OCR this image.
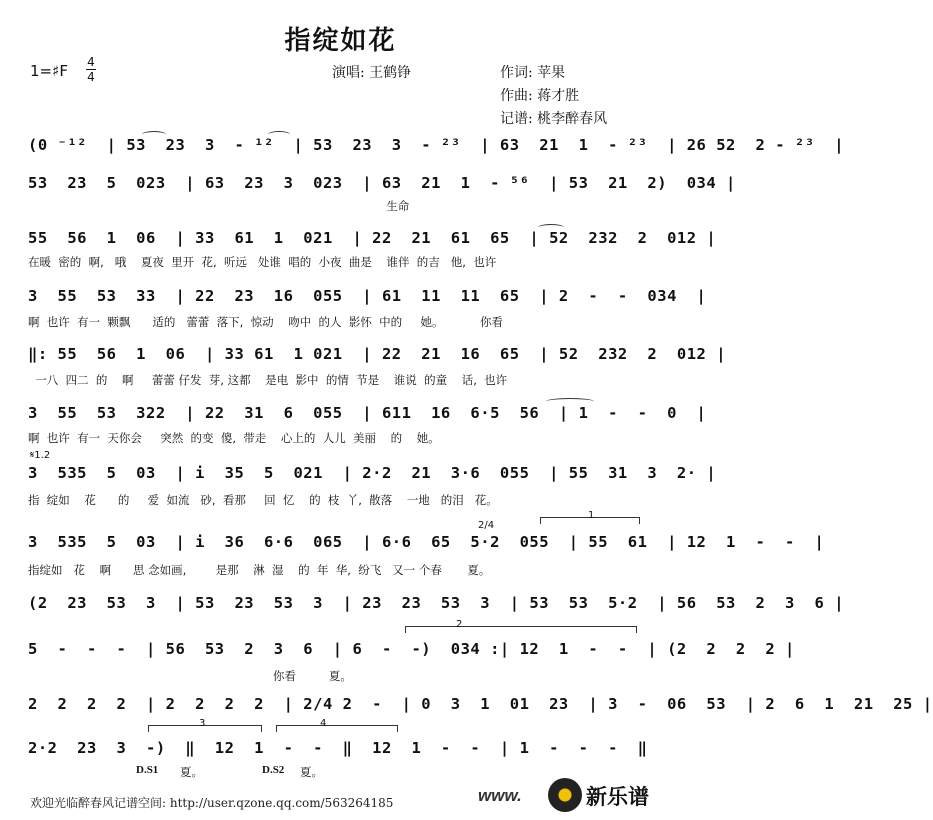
指绽如花
1=♯F 4
4	演唱: 王鹤铮	作词: 苹果
作曲: 蒋才胜
记谱: 桃李醉春风
(0 ⁻¹²  | 53  23  3  - ¹²  | 53  23  3  - ²³  | 63  21  1  - ²³  | 26 52  2 - ²³  |
53  23  5  023  | 63  23  3  023  | 63  21  1  - ⁵⁶  | 53  21  2)  034 |
生命
55  56  1  06  | 33  61  1  021  | 22  21  61  65  | 52  232  2  012 |
在暖  密的  啊,   哦    夏夜  里开  花,  听远   处谁  唱的  小夜  曲是    谁伴  的吉   他,  也许
3  55  53  33  | 22  23  16  055  | 61  11  11  65  | 2  -  -  034  |
啊  也许  有一  颗飘      适的   蕾蕾  落下,  惊动    吻中  的人  影怀  中的     她。          你看
‖: 55  56  1  06  | 33 61  1 021  | 22  21  16  65  | 52  232  2  012 |
一八  四二  的    啊     蕾蕾 仔发  芽, 这都    是电  影中  的情  节是    谁说  的童    话,  也许
3  55  53  322  | 22  31  6  055  | 611  16  6·5  56  | 1  -  -  0  |
啊  也许  有一  天你会     突然  的变  傻,  带走    心上的  人儿  美丽    的    她。
𝄋1.2
3  535  5  03  | i  35  5  021  | 2·2  21  3·6  055  | 55  31  3  2· |
指  绽如    花      的     爱  如流   砂,  看那     回  忆    的  枝  丫,  散落    一地   的泪   花。
2/4
1
3  535  5  03  | i  36  6·6  065  | 6·6  65  5·2  055  | 55  61  | 12  1  -  -  |
指绽如   花    啊      思 念如画,        是那    淋  湿    的  年  华,  纷飞   又一 个春       夏。
(2  23  53  3  | 53  23  53  3  | 23  23  53  3  | 53  53  5·2  | 56  53  2  3  6 |
2
5  -  -  -  | 56  53  2  3  6  | 6  -  -)  034 :| 12  1  -  -  | (2  2  2  2 |
你看         夏。
2  2  2  2  | 2  2  2  2  | 2/4 2  -  | 0  3  1  01  23  | 3  -  06  53  | 2  6  1  21  25 |
3	4
2·2  23  3  -)  ‖  12  1  -  -  ‖  12  1  -  -  | 1  -  -  -  ‖
D.S1 夏。	D.S2 夏。
欢迎光临醉春风记谱空间: http://user.qzone.qq.com/563264185	www.	新乐谱
